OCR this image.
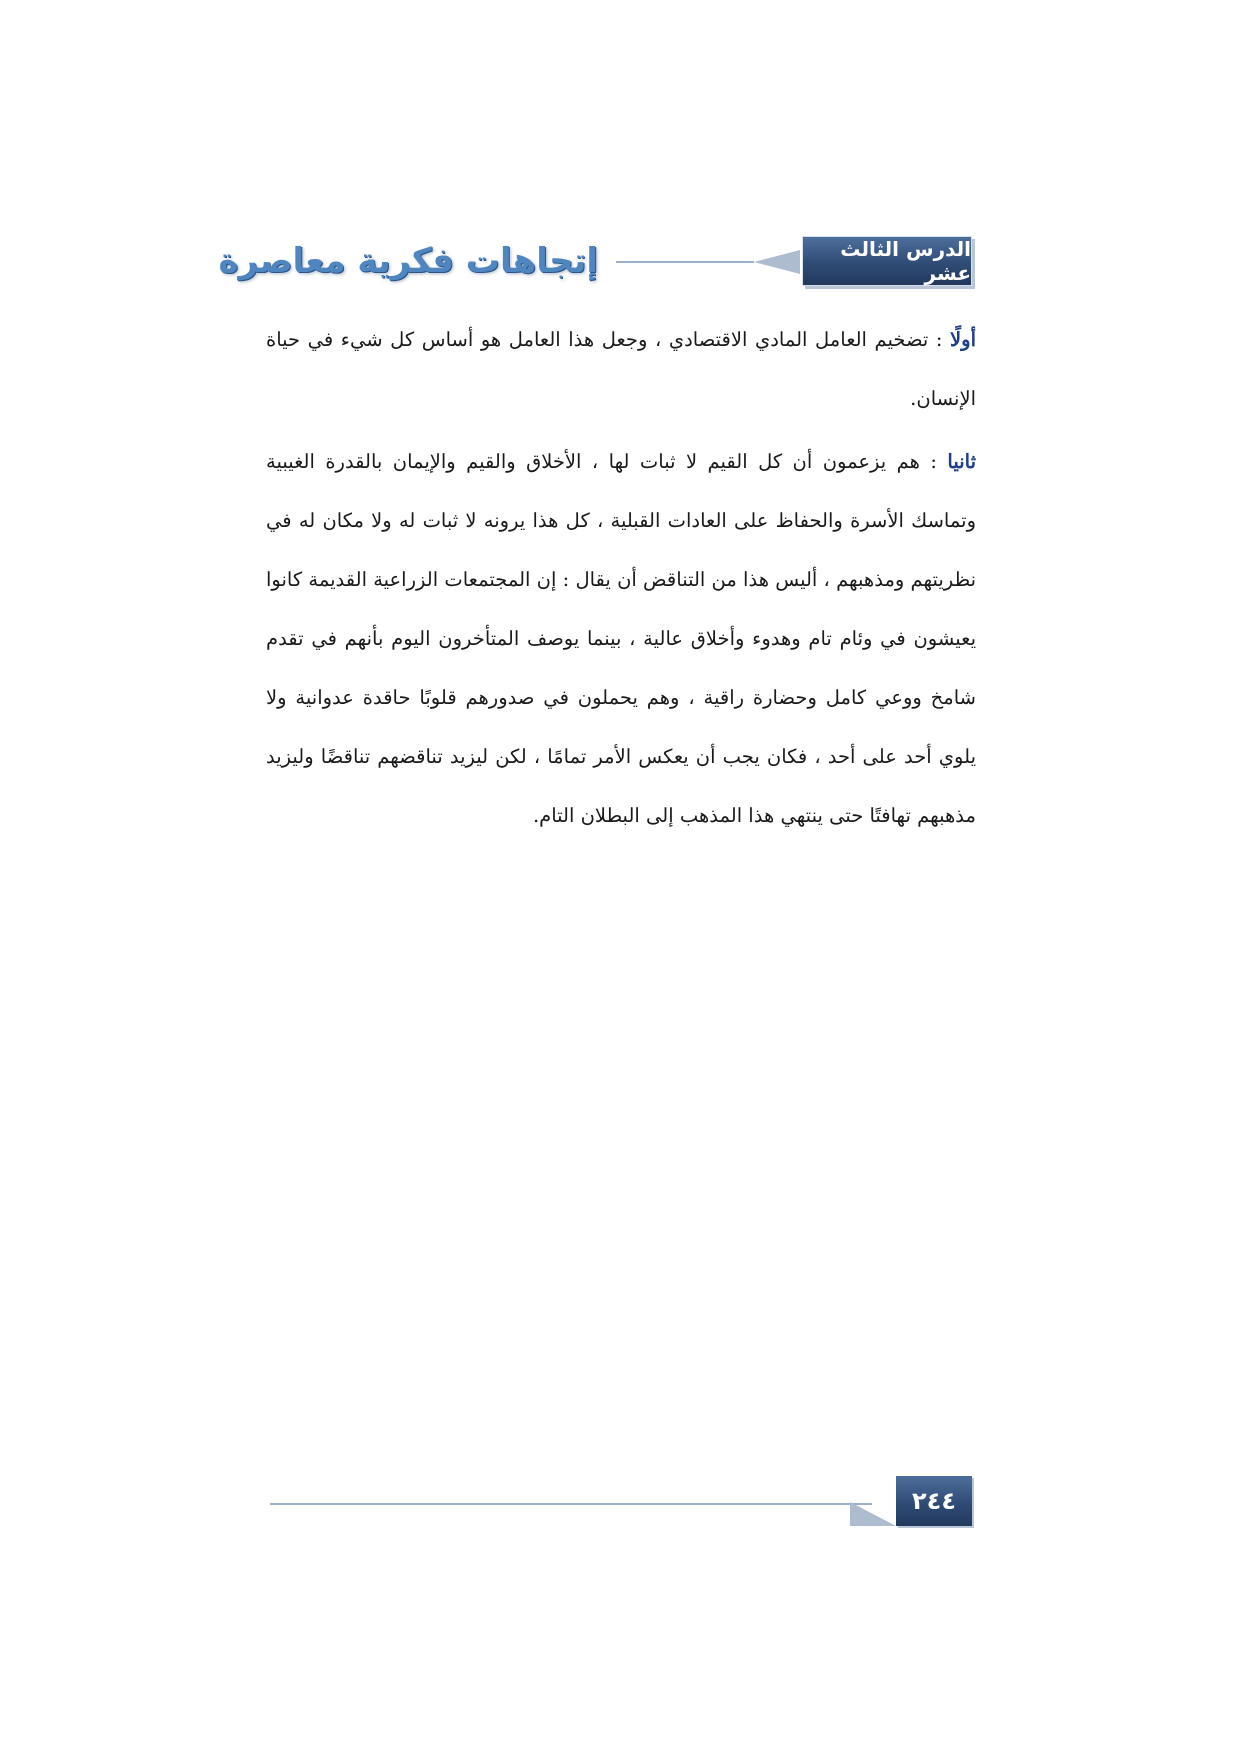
الدرس الثالث عشر
إتجاهات فكرية معاصرة

أولًا : تضخيم العامل المادي الاقتصادي ، وجعل هذا العامل هو أساس كل شيء في حياة الإنسان.

ثانيا : هم يزعمون أن كل القيم لا ثبات لها ، الأخلاق والقيم والإيمان بالقدرة الغيبية وتماسك الأسرة والحفاظ على العادات القبلية ، كل هذا يرونه لا ثبات له ولا مكان له في نظريتهم ومذهبهم ، أليس هذا من التناقض أن يقال : إن المجتمعات الزراعية القديمة كانوا يعيشون في وئام تام وهدوء وأخلاق عالية ، بينما يوصف المتأخرون اليوم بأنهم في تقدم شامخ ووعي كامل وحضارة راقية ، وهم يحملون في صدورهم قلوبًا حاقدة عدوانية ولا يلوي أحد على أحد ، فكان يجب أن يعكس الأمر تمامًا ، لكن ليزيد تناقضهم تناقضًا وليزيد مذهبهم تهافتًا حتى ينتهي هذا المذهب إلى البطلان التام.

٢٤٤
